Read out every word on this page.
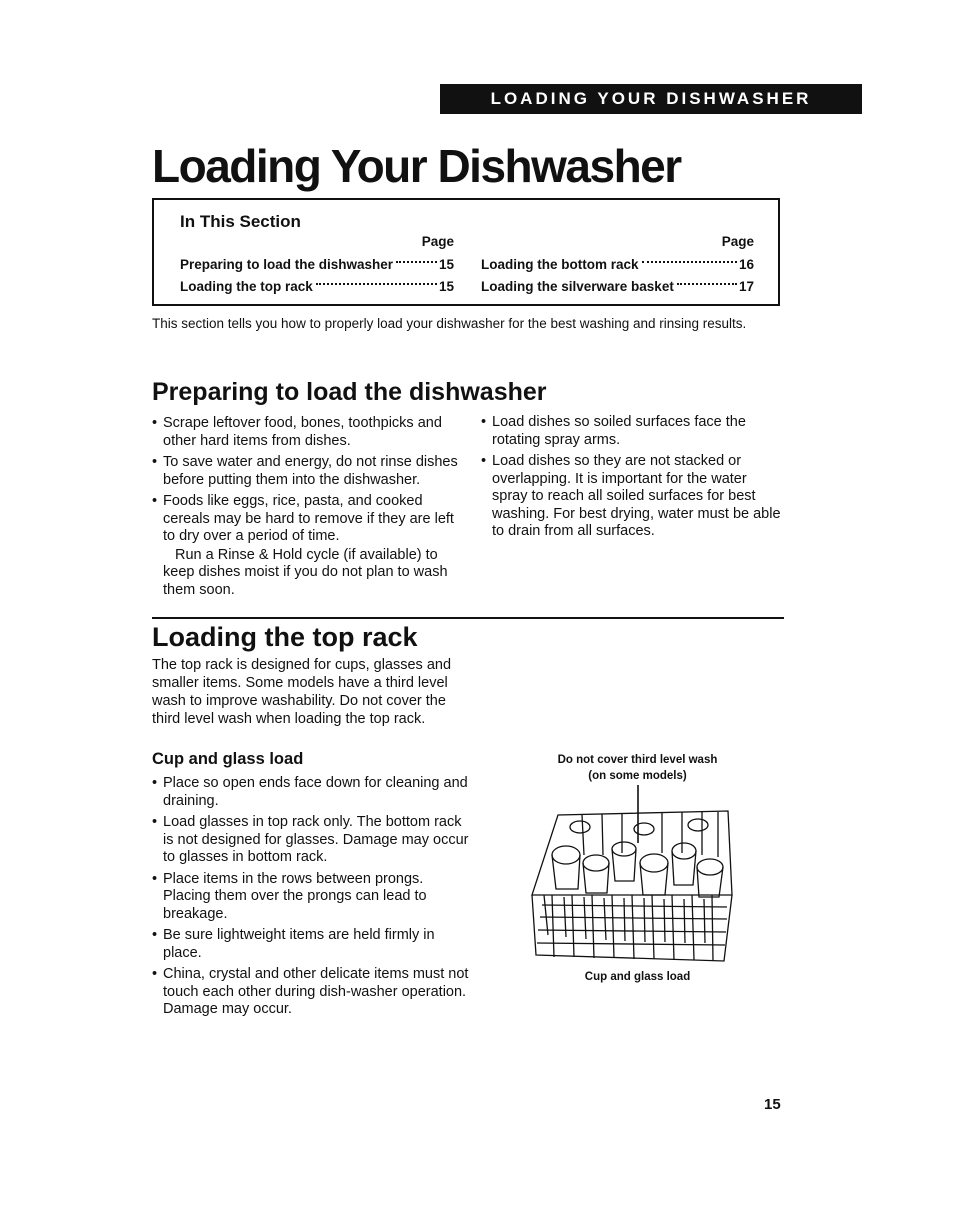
LOADING YOUR DISHWASHER
Loading Your Dishwasher
In This Section
Page
Preparing to load the dishwasher	15
Loading the top rack	15
Page
Loading the bottom rack	16
Loading the silverware basket	17
This section tells you how to properly load your dishwasher for the best washing and rinsing results.
Preparing to load the dishwasher
• Scrape leftover food, bones, toothpicks and other hard items from dishes.
• To save water and energy, do not rinse dishes before putting them into the dishwasher.
• Foods like eggs, rice, pasta, and cooked cereals may be hard to remove if they are left to dry over a period of time.
Run a Rinse & Hold cycle (if available) to keep dishes moist if you do not plan to wash them soon.
• Load dishes so soiled surfaces face the rotating spray arms.
• Load dishes so they are not stacked or overlapping. It is important for the water spray to reach all soiled surfaces for best washing. For best drying, water must be able to drain from all surfaces.
Loading the top rack
The top rack is designed for cups, glasses and smaller items. Some models have a third level wash to improve washability. Do not cover the third level wash when loading the top rack.
Cup and glass load
• Place so open ends face down for cleaning and draining.
• Load glasses in top rack only. The bottom rack is not designed for glasses. Damage may occur to glasses in bottom rack.
• Place items in the rows between prongs. Placing them over the prongs can lead to breakage.
• Be sure lightweight items are held firmly in place.
• China, crystal and other delicate items must not touch each other during dish-washer operation. Damage may occur.
Do not cover third level wash
(on some models)
Cup and glass load
15
